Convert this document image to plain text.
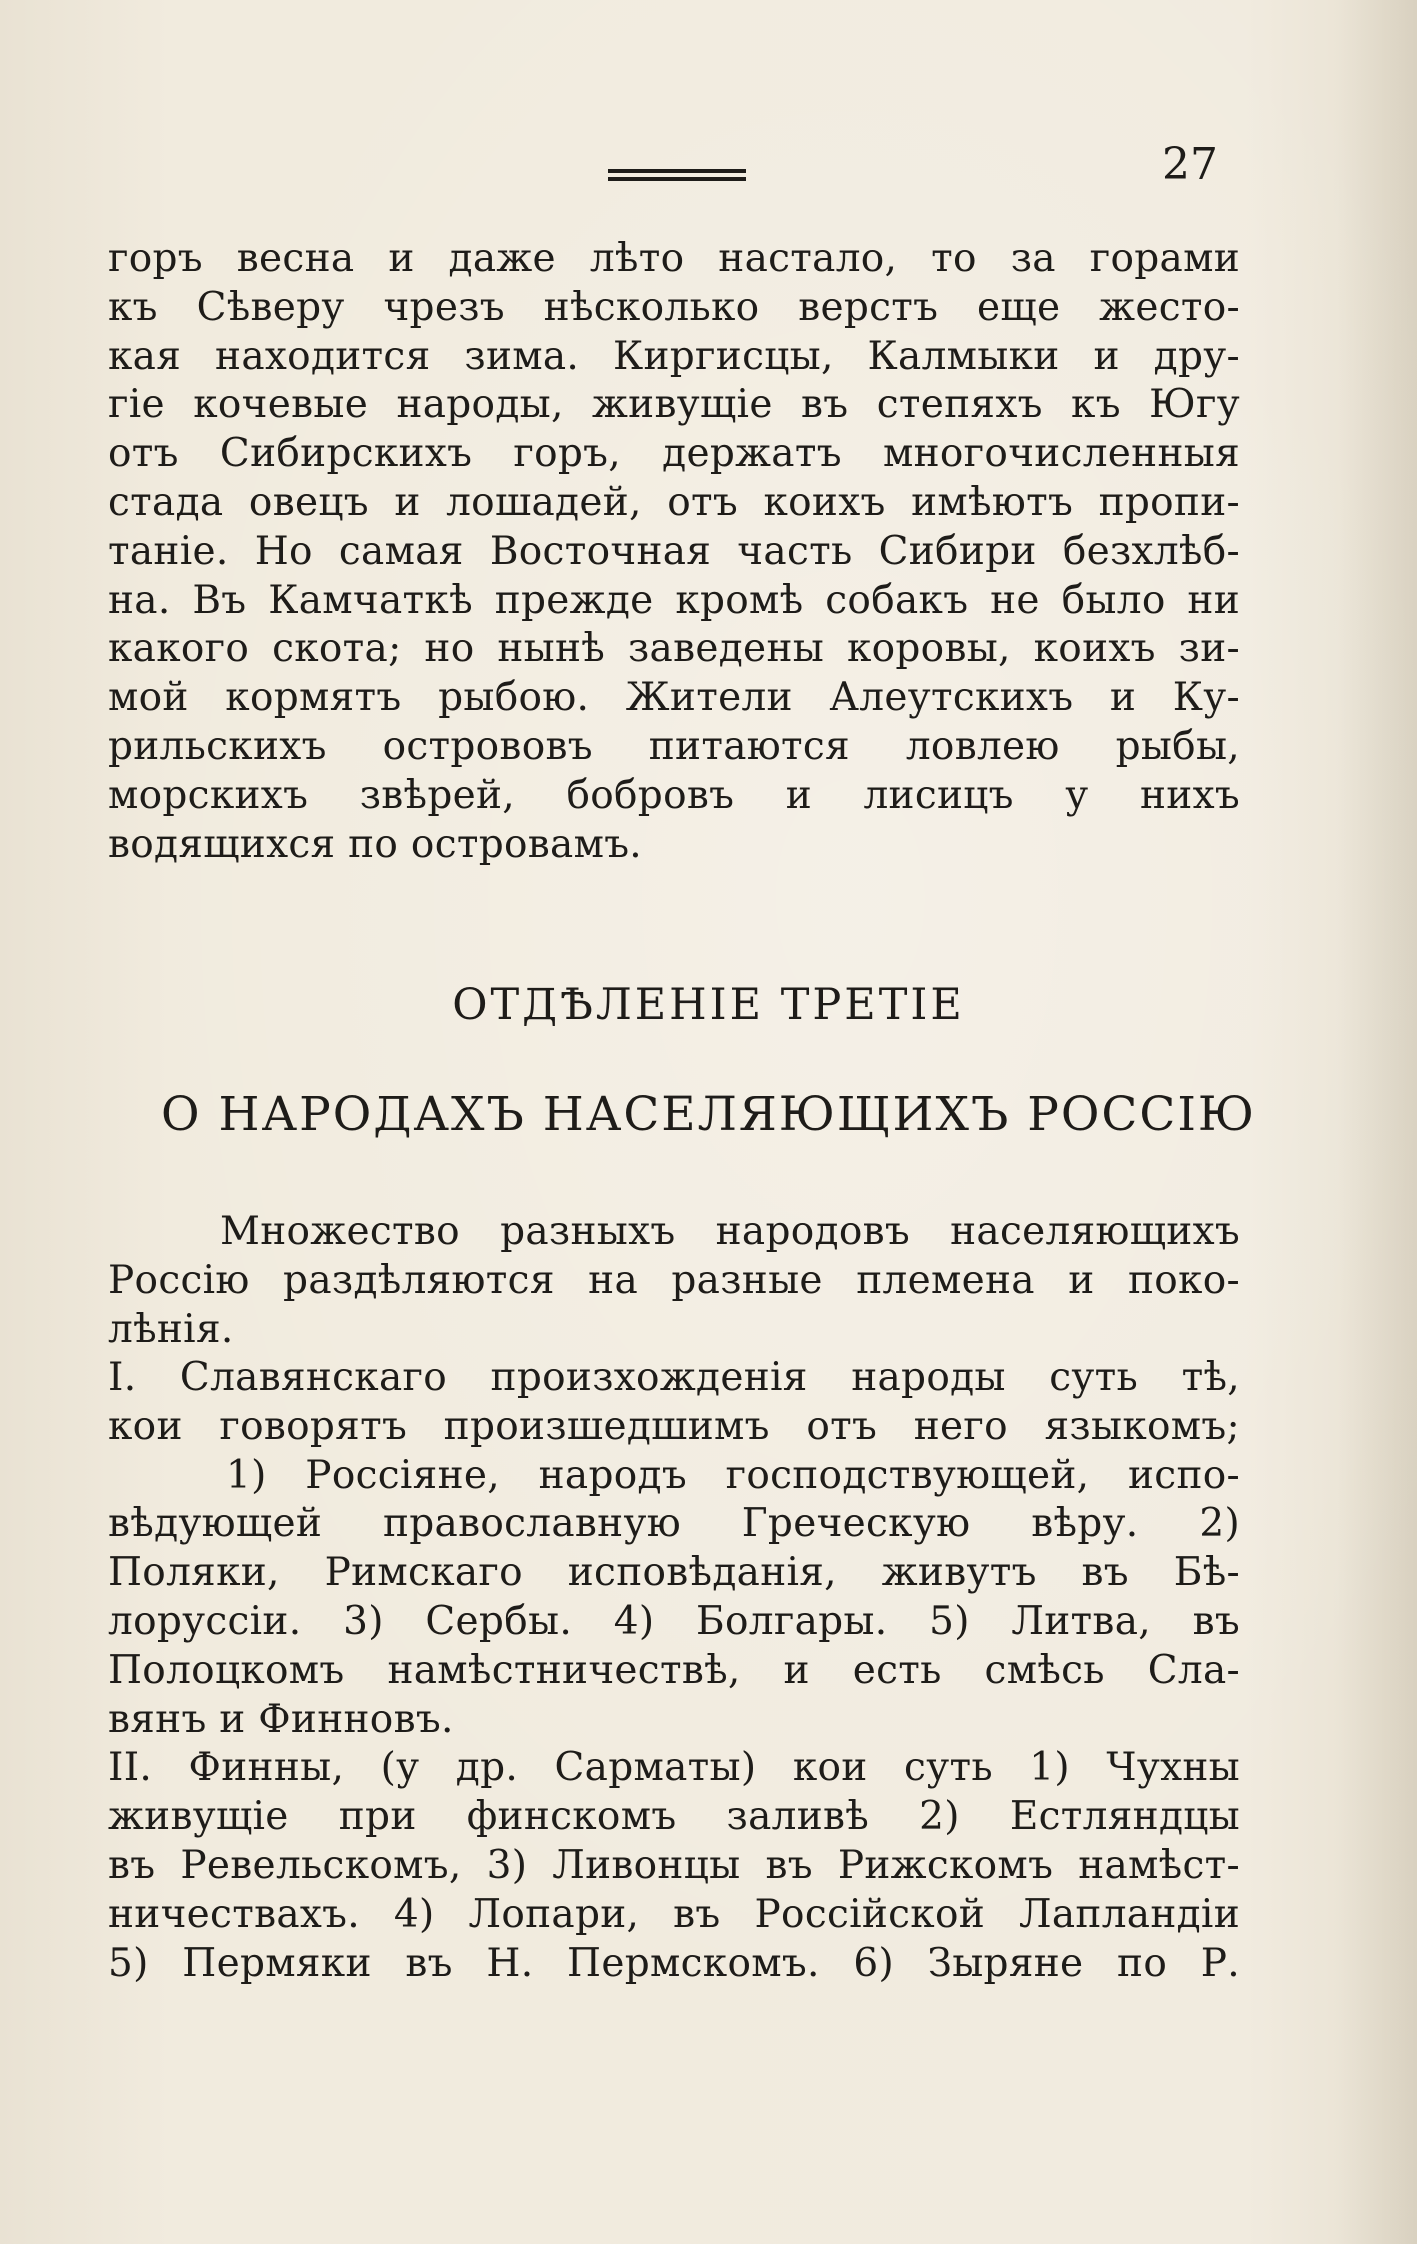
27
горъ весна и даже лѣто настало, то за горами
къ Сѣверу чрезъ нѣсколько верстъ еще жесто-
кая находится зима. Киргисцы, Калмыки и дру-
гіе кочевые народы, живущіе въ степяхъ къ Югу
отъ Сибирскихъ горъ, держатъ многочисленныя
стада овецъ и лошадей, отъ коихъ имѣютъ пропи-
таніе. Но самая Восточная часть Сибири безхлѣб-
на. Въ Камчаткѣ прежде кромѣ собакъ не было ни
какого скота; но нынѣ заведены коровы, коихъ зи-
мой кормятъ рыбою. Жители Алеутскихъ и Ку-
рильскихъ острововъ питаются ловлею рыбы,
морскихъ звѣрей, бобровъ и лисицъ у нихъ
водящихся по островамъ.
ОТДѢЛЕНІЕ ТРЕТІЕ
О НАРОДАХЪ НАСЕЛЯЮЩИХЪ РОССІЮ
Множество разныхъ народовъ населяющихъ
Россію раздѣляются на разные племена и поко-
лѣнія.
I. Славянскаго произхожденія народы суть тѣ,
кои говорятъ произшедшимъ отъ него языкомъ;
1) Россіяне, народъ господствующей, испо-
вѣдующей православную Греческую вѣру. 2)
Поляки, Римскаго исповѣданія, живутъ въ Бѣ-
лоруссіи. 3) Сербы. 4) Болгары. 5) Литва, въ
Полоцкомъ намѣстничествѣ, и есть смѣсь Сла-
вянъ и Финновъ.
II. Финны, (у др. Сарматы) кои суть 1) Чухны
живущіе при финскомъ заливѣ 2) Естляндцы
въ Ревельскомъ, 3) Ливонцы въ Рижскомъ намѣст-
ничествахъ. 4) Лопари, въ Россійской Лапландіи
5) Пермяки въ Н. Пермскомъ. 6) Зыряне по Р.
